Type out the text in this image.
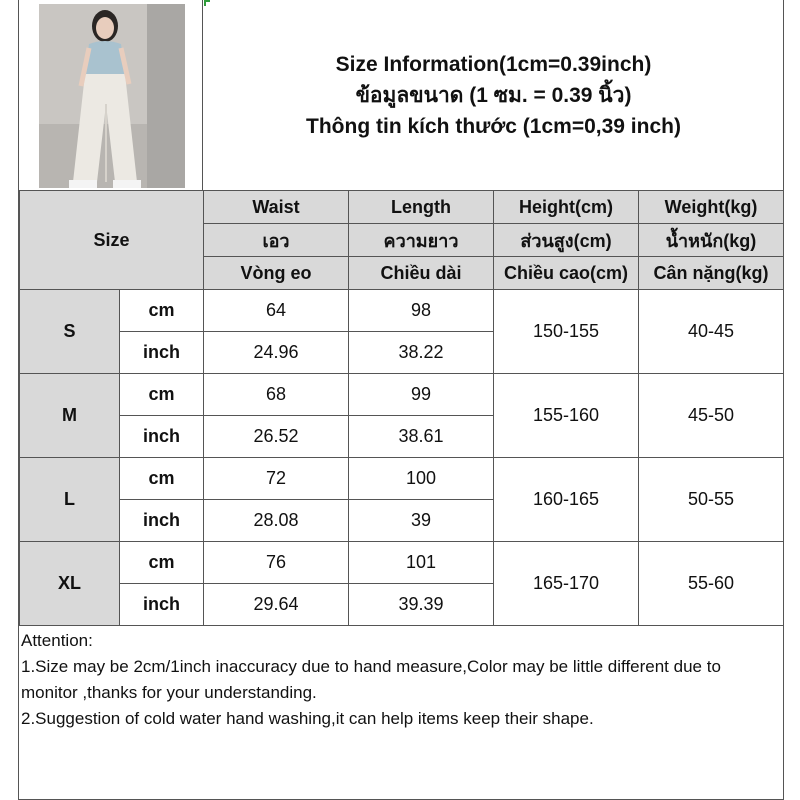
Size Information(1cm=0.39inch)
ข้อมูลขนาด (1 ซม. = 0.39 นิ้ว)
Thông tin kích thước (1cm=0,39 inch)
Size		Waist	Length	Height(cm)	Weight(kg)
		เอว	ความยาว	ส่วนสูง(cm)	น้ำหนัก(kg)
		Vòng eo	Chiều dài	Chiều cao(cm)	Cân nặng(kg)
S	cm	64	98	150-155	40-45
	inch	24.96	38.22		
M	cm	68	99	155-160	45-50
	inch	26.52	38.61		
L	cm	72	100	160-165	50-55
	inch	28.08	39		
XL	cm	76	101	165-170	55-60
	inch	29.64	39.39		
Attention:
1.Size may be 2cm/1inch inaccuracy due to hand measure,Color may be little different due to monitor ,thanks for your understanding.
2.Suggestion of cold water hand washing,it can help items keep their shape.
